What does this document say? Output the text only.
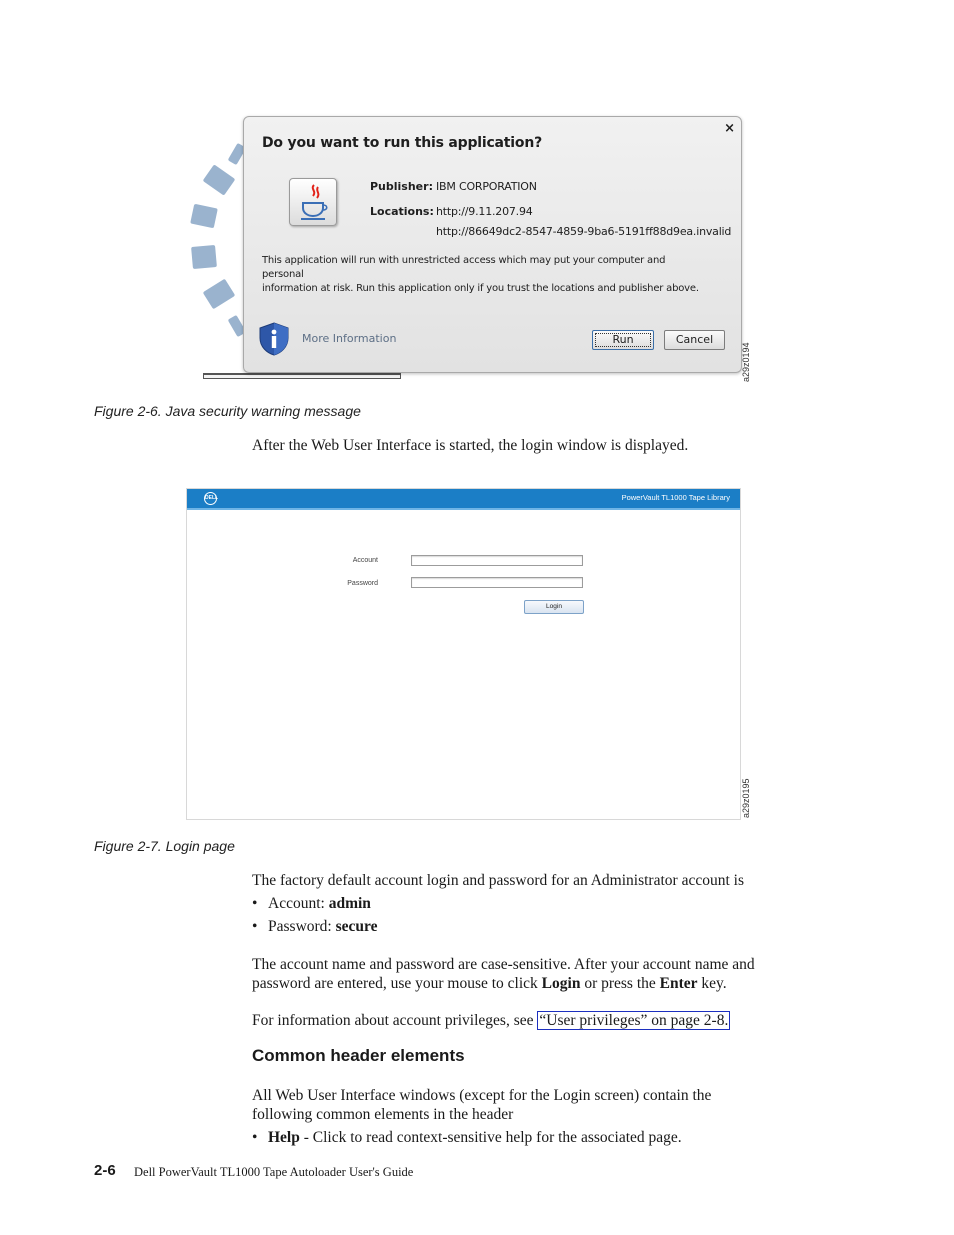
×
Do you want to run this application?
Publisher: IBM CORPORATION
Locations: http://9.11.207.94
http://86649dc2-8547-4859-9ba6-5191ff88d9ea.invalid
This application will run with unrestricted access which may put your computer and personal
information at risk. Run this application only if you trust the locations and publisher above.
More Information	Run	Cancel
a29z0194
Figure 2-6. Java security warning message
After the Web User Interface is started, the login window is displayed.
DELL	PowerVault TL1000 Tape Library
Account
Password
Login
a29z0195
Figure 2-7. Login page
The factory default account login and password for an Administrator account is
• Account: admin
• Password: secure
The account name and password are case-sensitive. After your account name and
password are entered, use your mouse to click Login or press the Enter key.
For information about account privileges, see “User privileges” on page 2-8.
Common header elements
All Web User Interface windows (except for the Login screen) contain the
following common elements in the header
• Help - Click to read context-sensitive help for the associated page.
2-6 Dell PowerVault TL1000 Tape Autoloader User's Guide
